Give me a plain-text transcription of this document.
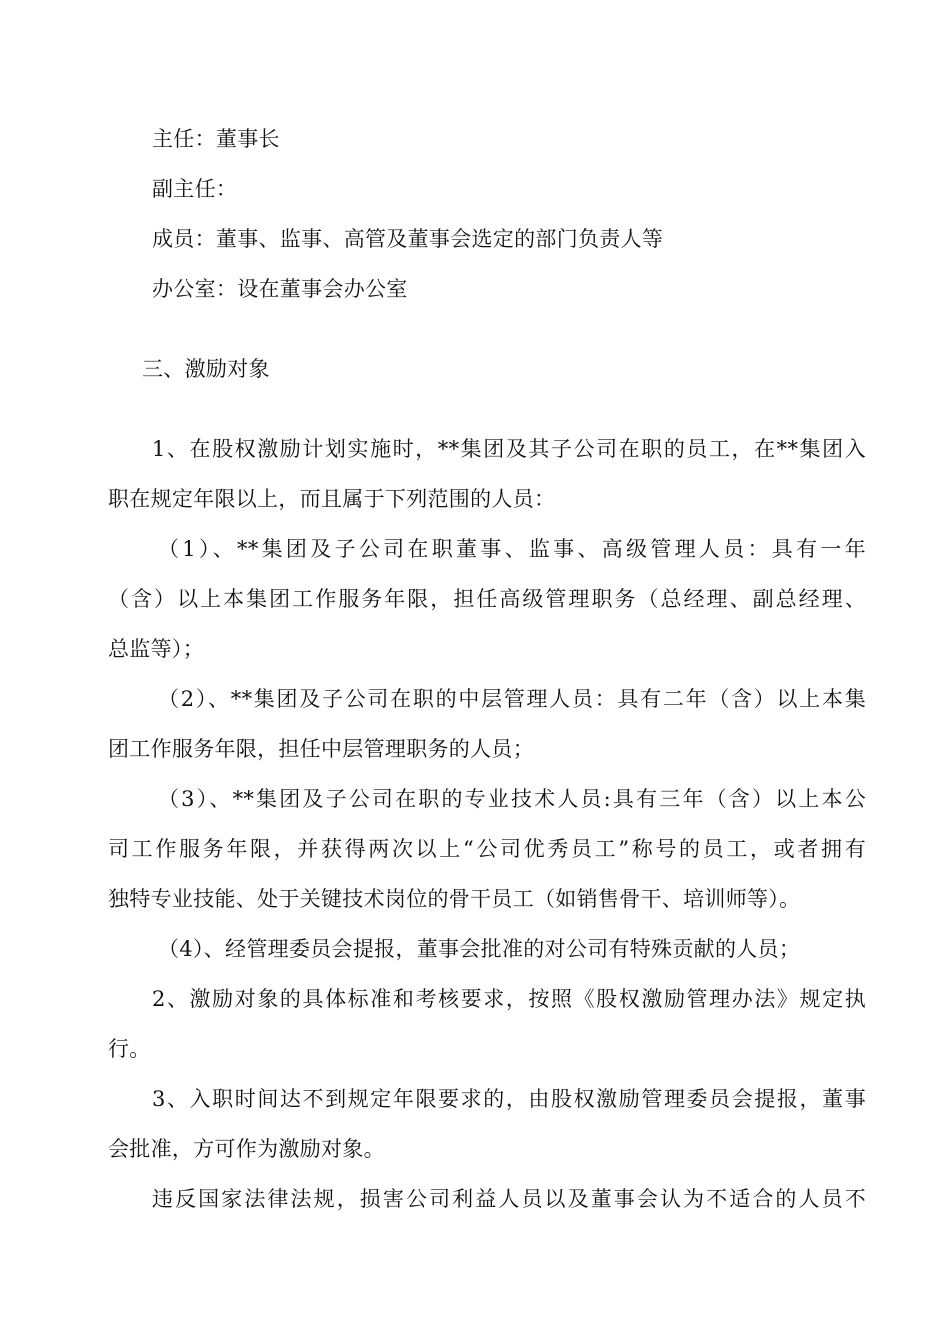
主任：董事长
副主任：
成员：董事、监事、高管及董事会选定的部门负责人等
办公室：设在董事会办公室
三、激励对象
1、在股权激励计划实施时，**集团及其子公司在职的员工，在**集团入
职在规定年限以上，而且属于下列范围的人员：
（1）、**集团及子公司在职董事、监事、高级管理人员：具有一年
（含）以上本集团工作服务年限，担任高级管理职务（总经理、副总经理、
总监等）；
（2）、**集团及子公司在职的中层管理人员：具有二年（含）以上本集
团工作服务年限，担任中层管理职务的人员；
（3）、**集团及子公司在职的专业技术人员:具有三年（含）以上本公
司工作服务年限，并获得两次以上“公司优秀员工”称号的员工，或者拥有
独特专业技能、处于关键技术岗位的骨干员工（如销售骨干、培训师等）。
（4）、经管理委员会提报，董事会批准的对公司有特殊贡献的人员；
2、激励对象的具体标准和考核要求，按照《股权激励管理办法》规定执
行。
3、入职时间达不到规定年限要求的，由股权激励管理委员会提报，董事
会批准，方可作为激励对象。
违反国家法律法规，损害公司利益人员以及董事会认为不适合的人员不
